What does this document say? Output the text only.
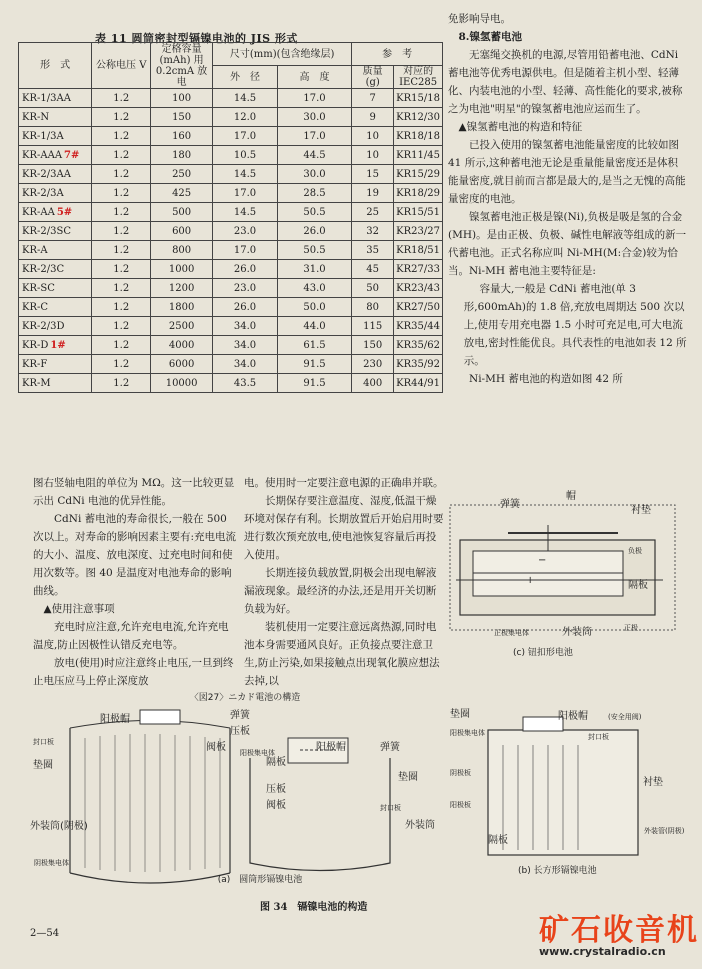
表 11 圆筒密封型镉镍电池的 JIS 形式
形　式	公称电压 V	定格容量 (mAh) 用 0.2cmA 放电	尺寸(mm)(包含绝缘层)		参　考	
			外　径	高　度	质量 (g)	对应的 IEC285
KR-1/3AA	1.2	100	14.5	17.0	7	KR15/18
KR-N	1.2	150	12.0	30.0	9	KR12/30
KR-1/3A	1.2	160	17.0	17.0	10	KR18/18
KR-AAA 7#	1.2	180	10.5	44.5	10	KR11/45
KR-2/3AA	1.2	250	14.5	30.0	15	KR15/29
KR-2/3A	1.2	425	17.0	28.5	19	KR18/29
KR-AA 5#	1.2	500	14.5	50.5	25	KR15/51
KR-2/3SC	1.2	600	23.0	26.0	32	KR23/27
KR-A	1.2	800	17.0	50.5	35	KR18/51
KR-2/3C	1.2	1000	26.0	31.0	45	KR27/33
KR-SC	1.2	1200	23.0	43.0	50	KR23/43
KR-C	1.2	1800	26.0	50.0	80	KR27/50
KR-2/3D	1.2	2500	34.0	44.0	115	KR35/44
KR-D 1#	1.2	4000	34.0	61.5	150	KR35/62
KR-F	1.2	6000	34.0	91.5	230	KR35/92
KR-M	1.2	10000	43.5	91.5	400	KR44/91

免影响导电。

8.镍氢蓄电池

无塞绳交换机的电源,尽管用铅蓄电池、CdNi 蓄电池等优秀电源供电。但是随着主机小型、轻薄化、内装电池的小型、轻薄、高性能化的要求,被称之为电池"明星"的镍氢蓄电池应运而生了。

▲镍氢蓄电池的构造和特征

已投入使用的镍氢蓄电池能量密度的比较如图 41 所示,这种蓄电池无论是重量能量密度还是体积能量密度,就目前而言都是最大的,是当之无愧的高能量密度的电池。

镍氢蓄电池正极是镍(Ni),负极是吸是氢的合金(MH)。是由正极、负极、碱性电解液等组成的新一代蓄电池。正式名称应叫 Ni-MH(M:合金)较为恰当。Ni-MH 蓄电池主要特征是:

容量大,一般是 CdNi 蓄电池(单 3 形,600mAh)的 1.8 倍,充放电周期达 500 次以上,使用专用充电器 1.5 小时可充足电,可大电流放电,密封性能优良。具代表性的电池如表 12 所示。

Ni-MH 蓄电池的构造如图 42 所

+
−
弹簧
帽
衬垫
负极
隔板
正极集电体	外装筒	正极
(c) 钮扣形电池

图右竖轴电阻的单位为 MΩ。这一比较更显示出 CdNi 电池的优异性能。

CdNi 蓄电池的寿命很长,一般在 500 次以上。对寿命的影响因素主要有:充电电流的大小、温度、放电深度、过充电时间和使用次数等。图 40 是温度对电池寿命的影响曲线。

▲使用注意事项

充电时应注意,允许充电电流,允许充电温度,防止因极性认错反充电等。

放电(使用)时应注意终止电压,一旦到终止电压应马上停止深度放

电。使用时一定要注意电源的正确串并联。

长期保存要注意温度、湿度,低温干燥环境对保存有利。长期放置后开始启用时要进行数次预充放电,使电池恢复容量后再投入使用。

长期连接负载放置,阴极会出现电解液漏液现象。最经济的办法,还是用开关切断负载为好。

装机使用一定要注意远离热源,同时电池本身需要通风良好。正负接点要注意卫生,防止污染,如果接触点出现氧化膜应想法去掉,以

〈図27〉ニカド電池の構造
阳极帽	弹簧
封口板
压板
阀板 阳极集电体
垫圈
外装筒(阴极)
阴极集电体
阳极帽	弹簧
隔板
垫圈
压板
阀板	封口板
外装筒
(a)　圆筒形镉镍电池
垫圈	阳极帽	(安全用阀)
阳极集电体	封口板
阴极板
衬垫
阳极板
隔板
外装管(阴极)
(b) 长方形镉镍电池
图 34　镉镍电池的构造
2—54	矿石收音机
www.crystalradio.cn
